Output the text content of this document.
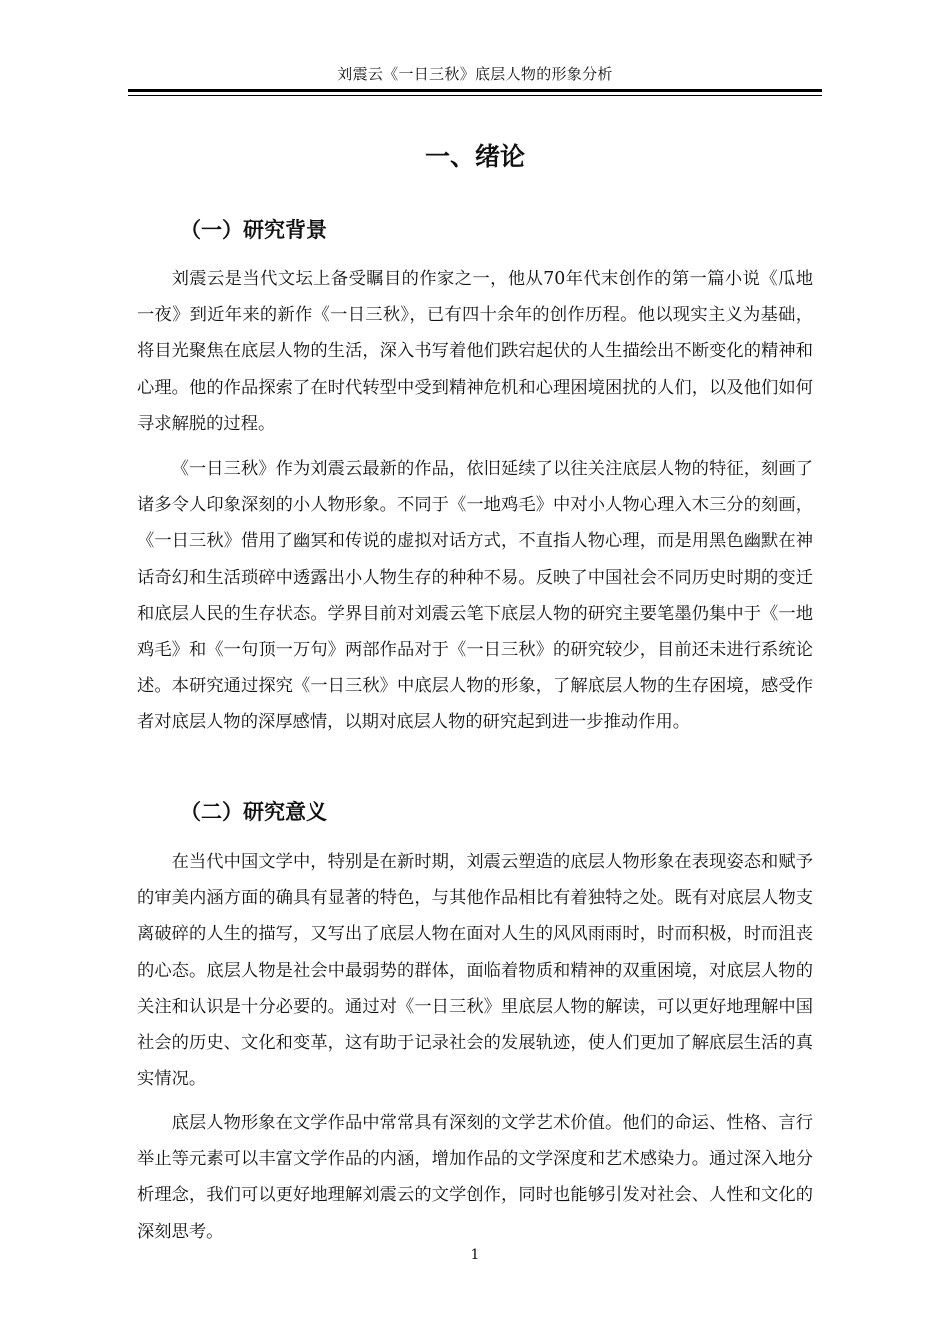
刘震云《一日三秋》底层人物的形象分析
一、绪论
（一）研究背景

刘震云是当代文坛上备受瞩目的作家之一，他从70年代末创作的第一篇小说《瓜地一夜》到近年来的新作《一日三秋》，已有四十余年的创作历程。他以现实主义为基础，将目光聚焦在底层人物的生活，深入书写着他们跌宕起伏的人生描绘出不断变化的精神和心理。他的作品探索了在时代转型中受到精神危机和心理困境困扰的人们，以及他们如何寻求解脱的过程。

《一日三秋》作为刘震云最新的作品，依旧延续了以往关注底层人物的特征，刻画了诸多令人印象深刻的小人物形象。不同于《一地鸡毛》中对小人物心理入木三分的刻画，《一日三秋》借用了幽冥和传说的虚拟对话方式，不直指人物心理，而是用黑色幽默在神话奇幻和生活琐碎中透露出小人物生存的种种不易。反映了中国社会不同历史时期的变迁和底层人民的生存状态。学界目前对刘震云笔下底层人物的研究主要笔墨仍集中于《一地鸡毛》和《一句顶一万句》两部作品对于《一日三秋》的研究较少，目前还未进行系统论述。本研究通过探究《一日三秋》中底层人物的形象，了解底层人物的生存困境，感受作者对底层人物的深厚感情，以期对底层人物的研究起到进一步推动作用。

（二）研究意义

在当代中国文学中，特别是在新时期，刘震云塑造的底层人物形象在表现姿态和赋予的审美内涵方面的确具有显著的特色，与其他作品相比有着独特之处。既有对底层人物支离破碎的人生的描写，又写出了底层人物在面对人生的风风雨雨时，时而积极，时而沮丧的心态。底层人物是社会中最弱势的群体，面临着物质和精神的双重困境，对底层人物的关注和认识是十分必要的。通过对《一日三秋》里底层人物的解读，可以更好地理解中国社会的历史、文化和变革，这有助于记录社会的发展轨迹，使人们更加了解底层生活的真实情况。

底层人物形象在文学作品中常常具有深刻的文学艺术价值。他们的命运、性格、言行举止等元素可以丰富文学作品的内涵，增加作品的文学深度和艺术感染力。通过深入地分析理念，我们可以更好地理解刘震云的文学创作，同时也能够引发对社会、人性和文化的深刻思考。

1
